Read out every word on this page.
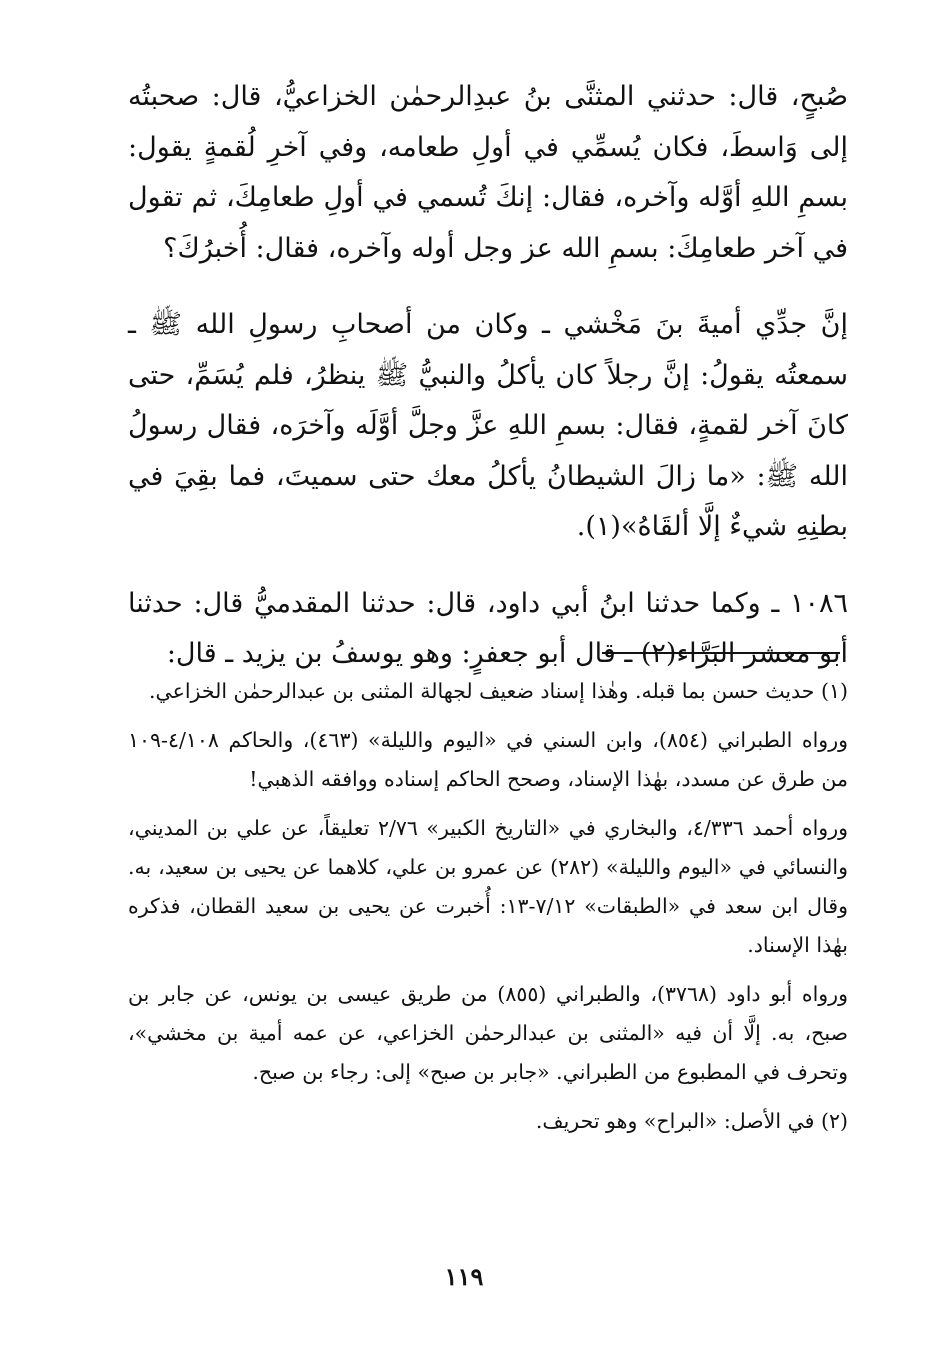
صُبحٍ، قال: حدثني المثنَّى بنُ عبدِالرحمٰن الخزاعيُّ، قال: صحبتُه إلى وَاسطَ، فكان يُسمِّي في أولِ طعامه، وفي آخرِ لُقمةٍ يقول: بسمِ اللهِ أوَّله وآخره، فقال: إنكَ تُسمي في أولِ طعامِكَ، ثم تقول في آخر طعامِكَ: بسمِ الله عز وجل أوله وآخره، فقال: أُخبرُكَ؟

إنَّ جدِّي أميةَ بنَ مَخْشي ـ وكان من أصحابِ رسولِ الله ﷺ ـ سمعتُه يقولُ: إنَّ رجلاً كان يأكلُ والنبيُّ ﷺ ينظرُ، فلم يُسَمِّ، حتى كانَ آخر لقمةٍ، فقال: بسمِ اللهِ عزَّ وجلَّ أوَّلَه وآخرَه، فقال رسولُ الله ﷺ: «ما زالَ الشيطانُ يأكلُ معك حتى سميتَ، فما بقِيَ في بطنِهِ شيءٌ إلَّا ألقَاهُ»(١).

١٠٨٦ ـ وكما حدثنا ابنُ أبي داود، قال: حدثنا المقدميُّ قال: حدثنا أبو معشر البَرَّاء(٢) ـ قال أبو جعفرٍ: وهو يوسفُ بن يزيد ـ قال:

(١) حديث حسن بما قبله. وهٰذا إسناد ضعيف لجهالة المثنى بن عبدالرحمٰن الخزاعي.

ورواه الطبراني (٨٥٤)، وابن السني في «اليوم والليلة» (٤٦٣)، والحاكم ٤/١٠٨-١٠٩ من طرق عن مسدد، بهٰذا الإسناد، وصحح الحاكم إسناده ووافقه الذهبي!

ورواه أحمد ٤/٣٣٦، والبخاري في «التاريخ الكبير» ٢/٧٦ تعليقاً، عن علي بن المديني، والنسائي في «اليوم والليلة» (٢٨٢) عن عمرو بن علي، كلاهما عن يحيى بن سعيد، به. وقال ابن سعد في «الطبقات» ٧/١٢-١٣: أُخبرت عن يحيى بن سعيد القطان، فذكره بهٰذا الإسناد.

ورواه أبو داود (٣٧٦٨)، والطبراني (٨٥٥) من طريق عيسى بن يونس، عن جابر بن صبح، به. إلَّا أن فيه «المثنى بن عبدالرحمٰن الخزاعي، عن عمه أمية بن مخشي»، وتحرف في المطبوع من الطبراني. «جابر بن صبح» إلى: رجاء بن صبح.

(٢) في الأصل: «البراح» وهو تحريف.

١١٩
